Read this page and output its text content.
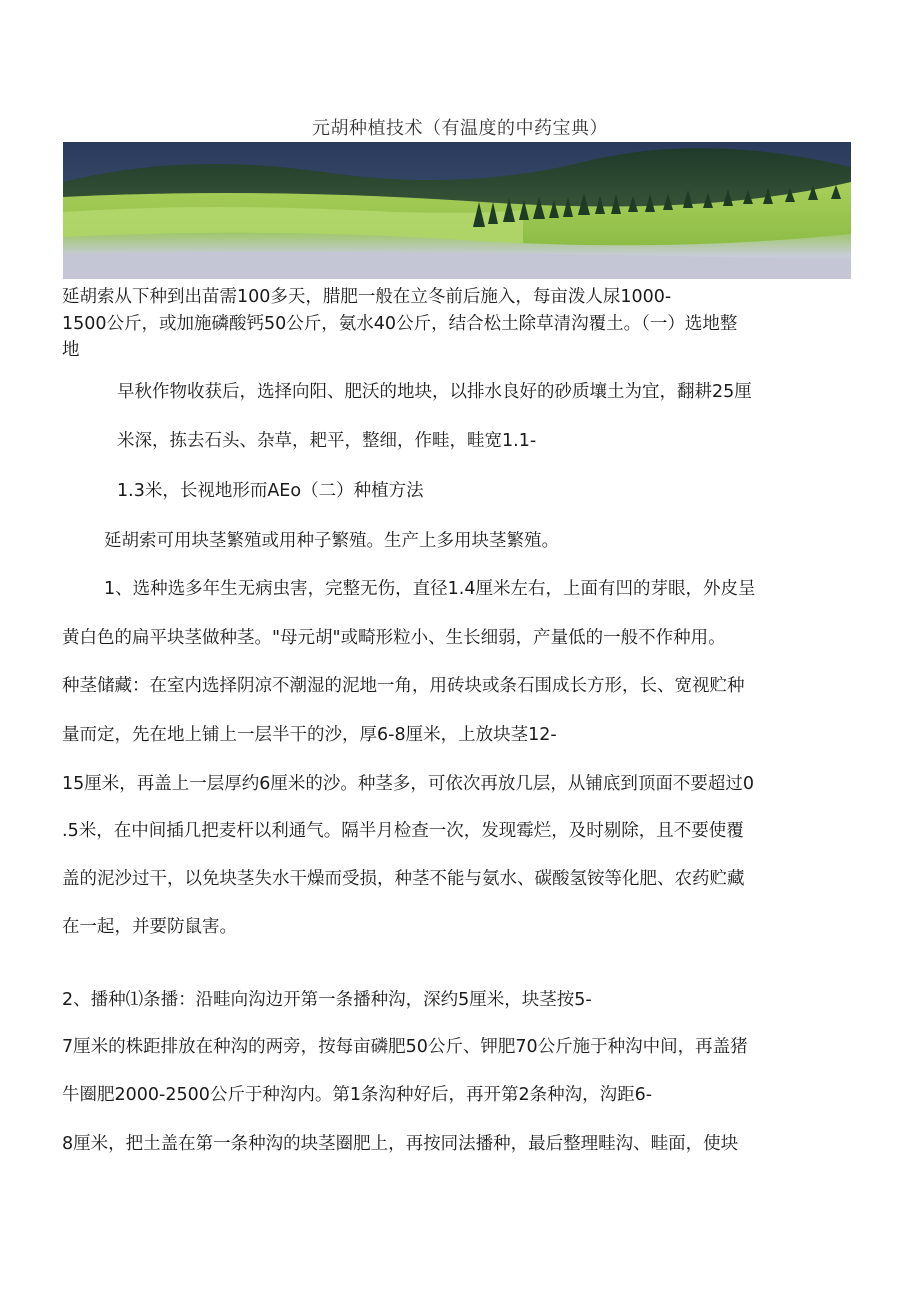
元胡种植技术（有温度的中药宝典）
延胡索从下种到出苗需100多天，腊肥一般在立冬前后施入，每亩泼人尿1000-
1500公斤，或加施磷酸钙50公斤，氨水40公斤，结合松土除草清沟覆土。（一）选地整
地
早秋作物收获后，选择向阳、肥沃的地块，以排水良好的砂质壤土为宜，翻耕25厘
米深，拣去石头、杂草，耙平，整细，作畦，畦宽1.1-
1.3米，长视地形而AEo（二）种植方法
延胡索可用块茎繁殖或用种子繁殖。生产上多用块茎繁殖。
1、选种选多年生无病虫害，完整无伤，直径1.4厘米左右，上面有凹的芽眼，外皮呈
黄白色的扁平块茎做种茎。"母元胡"或畸形粒小、生长细弱，产量低的一般不作种用。
种茎储藏：在室内选择阴凉不潮湿的泥地一角，用砖块或条石围成长方形，长、宽视贮种
量而定，先在地上铺上一层半干的沙，厚6-8厘米，上放块茎12-
15厘米，再盖上一层厚约6厘米的沙。种茎多，可依次再放几层，从铺底到顶面不要超过0
.5米，在中间插几把麦杆以利通气。隔半月检查一次，发现霉烂，及时剔除，且不要使覆
盖的泥沙过干，以免块茎失水干燥而受损，种茎不能与氨水、碳酸氢铵等化肥、农药贮藏
在一起，并要防鼠害。
2、播种⑴条播：沿畦向沟边开第一条播种沟，深约5厘米，块茎按5-
7厘米的株距排放在种沟的两旁，按每亩磷肥50公斤、钾肥70公斤施于种沟中间，再盖猪
牛圈肥2000-2500公斤于种沟内。第1条沟种好后，再开第2条种沟，沟距6-
8厘米，把土盖在第一条种沟的块茎圈肥上，再按同法播种，最后整理畦沟、畦面，使块
